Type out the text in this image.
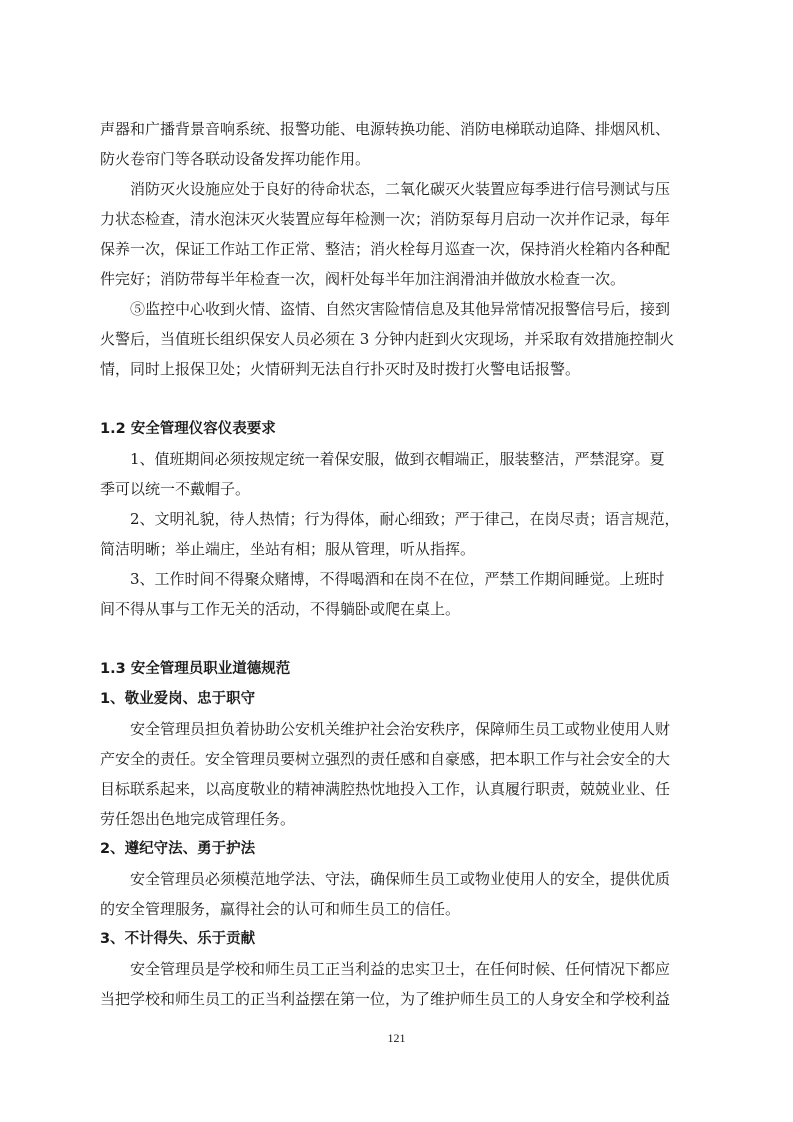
声器和广播背景音响系统、报警功能、电源转换功能、消防电梯联动追降、排烟风机、
防火卷帘门等各联动设备发挥功能作用。
消防灭火设施应处于良好的待命状态，二氧化碳灭火装置应每季进行信号测试与压
力状态检查，清水泡沫灭火装置应每年检测一次；消防泵每月启动一次并作记录，每年
保养一次，保证工作站工作正常、整洁；消火栓每月巡查一次，保持消火栓箱内各种配
件完好；消防带每半年检查一次，阀杆处每半年加注润滑油并做放水检查一次。
⑤监控中心收到火情、盗情、自然灾害险情信息及其他异常情况报警信号后，接到
火警后，当值班长组织保安人员必须在 3 分钟内赶到火灾现场，并采取有效措施控制火
情，同时上报保卫处；火情研判无法自行扑灭时及时拨打火警电话报警。
1.2 安全管理仪容仪表要求
1、值班期间必须按规定统一着保安服，做到衣帽端正，服装整洁，严禁混穿。夏
季可以统一不戴帽子。
2、文明礼貌，待人热情；行为得体，耐心细致；严于律己，在岗尽责；语言规范，
简洁明晰；举止端庄，坐站有相；服从管理，听从指挥。
3、工作时间不得聚众赌博，不得喝酒和在岗不在位，严禁工作期间睡觉。上班时
间不得从事与工作无关的活动，不得躺卧或爬在桌上。
1.3 安全管理员职业道德规范
1、敬业爱岗、忠于职守
安全管理员担负着协助公安机关维护社会治安秩序，保障师生员工或物业使用人财
产安全的责任。安全管理员要树立强烈的责任感和自豪感，把本职工作与社会安全的大
目标联系起来，以高度敬业的精神满腔热忱地投入工作，认真履行职责，兢兢业业、任
劳任怨出色地完成管理任务。
2、遵纪守法、勇于护法
安全管理员必须模范地学法、守法，确保师生员工或物业使用人的安全，提供优质
的安全管理服务，赢得社会的认可和师生员工的信任。
3、不计得失、乐于贡献
安全管理员是学校和师生员工正当利益的忠实卫士，在任何时候、任何情况下都应
当把学校和师生员工的正当利益摆在第一位，为了维护师生员工的人身安全和学校利益
121
